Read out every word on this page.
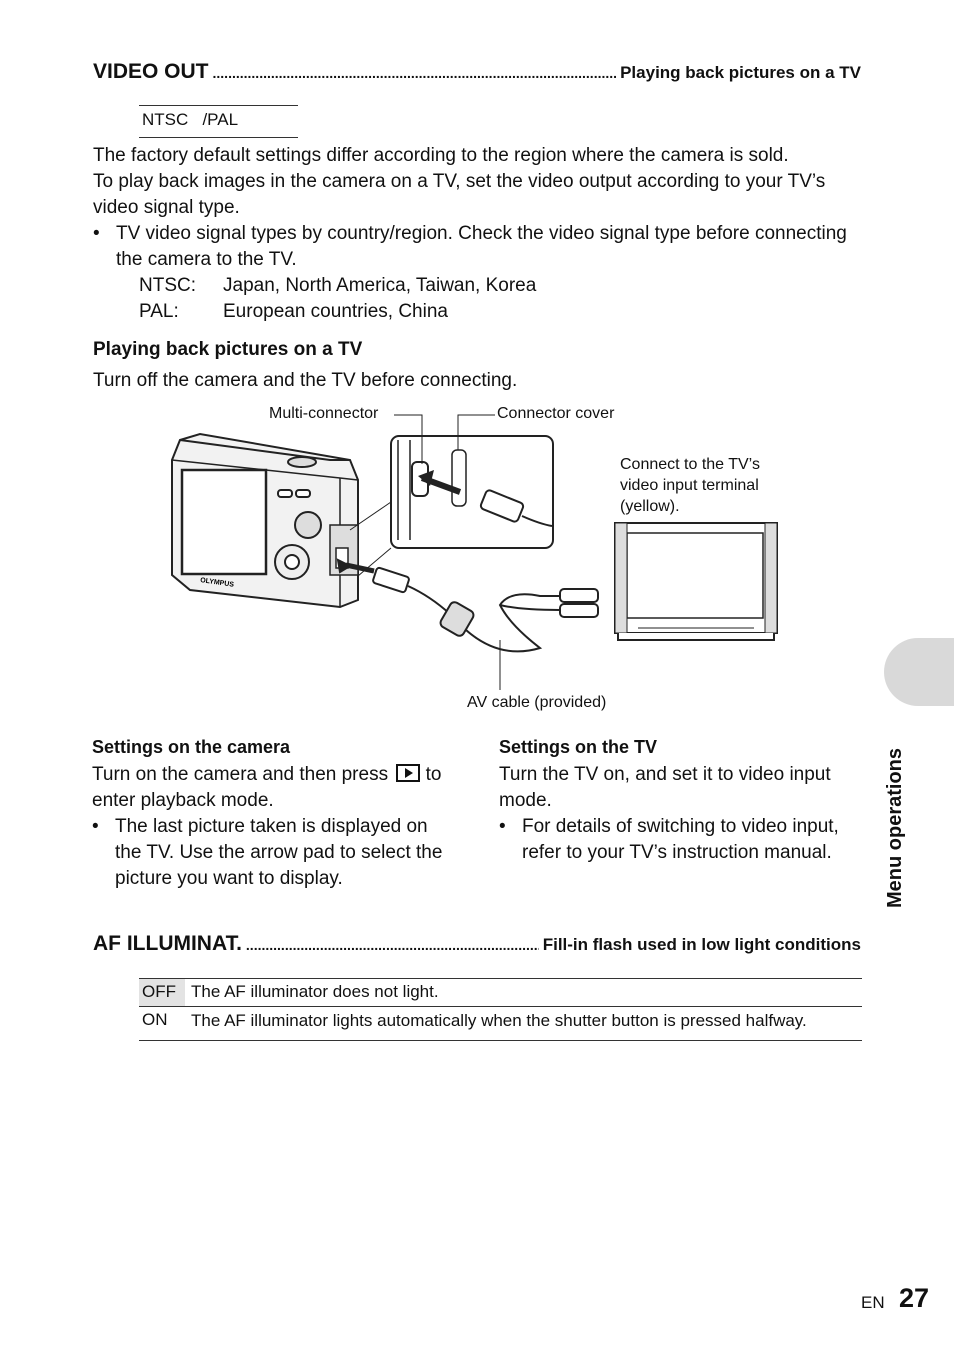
VIDEO OUT .....	Playing back pictures on a TV
NTSC   /PAL
The factory default settings differ according to the region where the camera is sold.
To play back images in the camera on a TV, set the video output according to your TV’s video signal type.
• TV video signal types by country/region. Check the video signal type before connecting the camera to the TV.
NTSC:	Japan, North America, Taiwan, Korea
PAL:	European countries, China
Playing back pictures on a TV
Turn off the camera and the TV before connecting.
OLYMPUS
Multi-connector	Connector cover
Connect to the TV’s video input terminal (yellow).
AV cable (provided)
Settings on the camera
Turn on the camera and then press to enter playback mode.
• The last picture taken is displayed on the TV. Use the arrow pad to select the picture you want to display.
Settings on the TV
Turn the TV on, and set it to video input mode.
• For details of switching to video input, refer to your TV’s instruction manual.
AF ILLUMINAT. .....	Fill-in flash used in low light conditions
OFF	The AF illuminator does not light.
ON	The AF illuminator lights automatically when the shutter button is pressed halfway.
Menu operations
EN 27
